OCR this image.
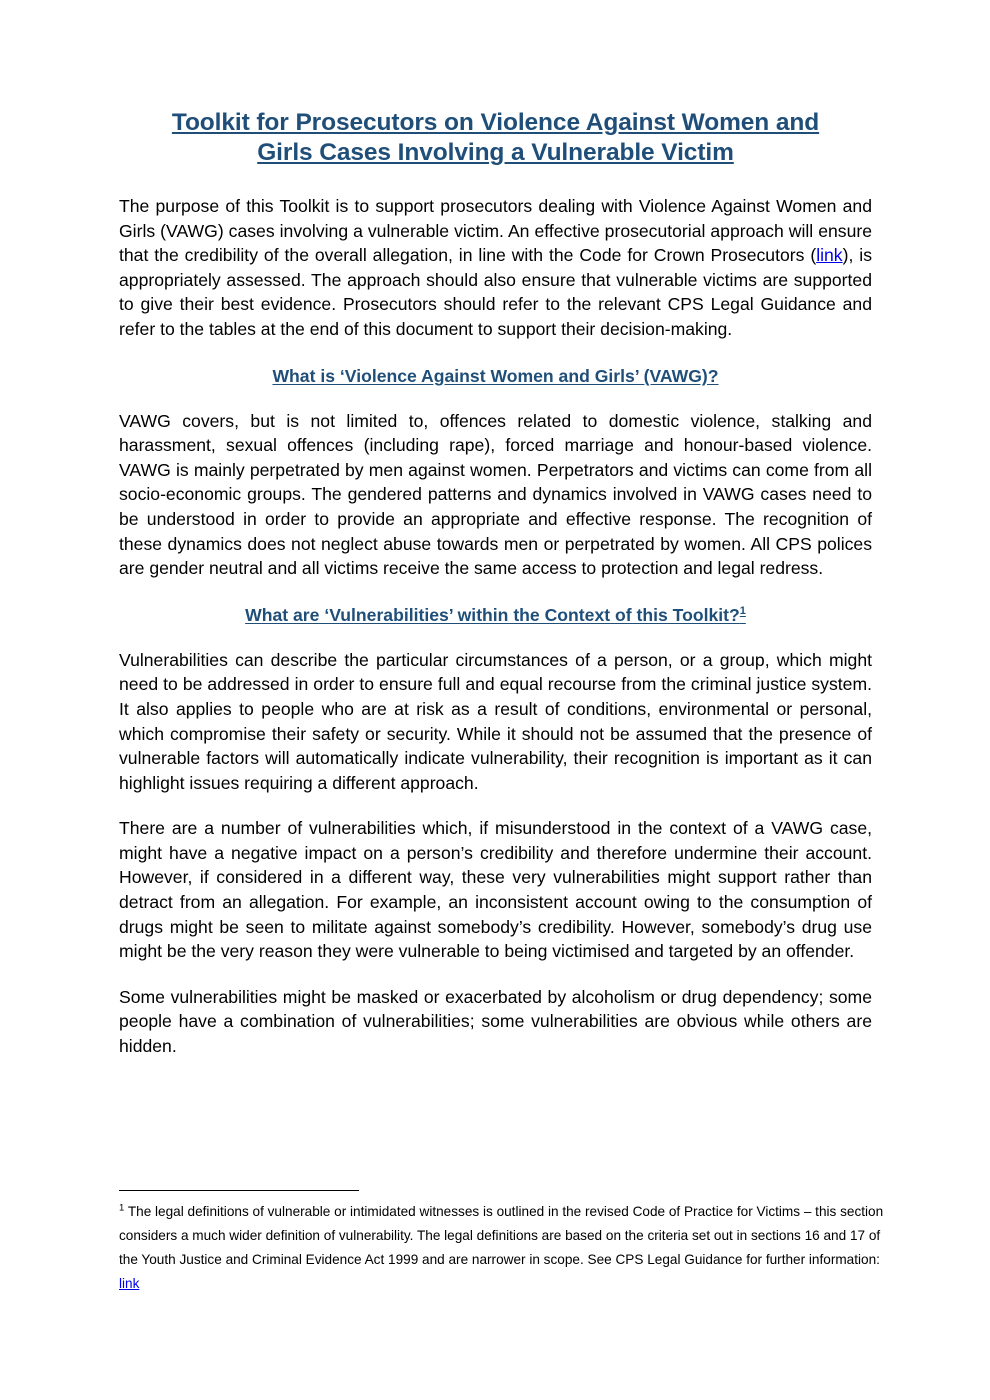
Toolkit for Prosecutors on Violence Against Women and
Girls Cases Involving a Vulnerable Victim

The purpose of this Toolkit is to support prosecutors dealing with Violence Against Women and Girls (VAWG) cases involving a vulnerable victim. An effective prosecutorial approach will ensure that the credibility of the overall allegation, in line with the Code for Crown Prosecutors (link), is appropriately assessed. The approach should also ensure that vulnerable victims are supported to give their best evidence. Prosecutors should refer to the relevant CPS Legal Guidance and refer to the tables at the end of this document to support their decision-making.

What is ‘Violence Against Women and Girls’ (VAWG)?

VAWG covers, but is not limited to, offences related to domestic violence, stalking and harassment, sexual offences (including rape), forced marriage and honour-based violence. VAWG is mainly perpetrated by men against women. Perpetrators and victims can come from all socio-economic groups. The gendered patterns and dynamics involved in VAWG cases need to be understood in order to provide an appropriate and effective response. The recognition of these dynamics does not neglect abuse towards men or perpetrated by women. All CPS polices are gender neutral and all victims receive the same access to protection and legal redress.

What are ‘Vulnerabilities’ within the Context of this Toolkit?$^1$

Vulnerabilities can describe the particular circumstances of a person, or a group, which might need to be addressed in order to ensure full and equal recourse from the criminal justice system. It also applies to people who are at risk as a result of conditions, environmental or personal, which compromise their safety or security. While it should not be assumed that the presence of vulnerable factors will automatically indicate vulnerability, their recognition is important as it can highlight issues requiring a different approach.

There are a number of vulnerabilities which, if misunderstood in the context of a VAWG case, might have a negative impact on a person’s credibility and therefore undermine their account. However, if considered in a different way, these very vulnerabilities might support rather than detract from an allegation. For example, an inconsistent account owing to the consumption of drugs might be seen to militate against somebody’s credibility. However, somebody’s drug use might be the very reason they were vulnerable to being victimised and targeted by an offender.

Some vulnerabilities might be masked or exacerbated by alcoholism or drug dependency; some people have a combination of vulnerabilities; some vulnerabilities are obvious while others are hidden.

$^1$ The legal definitions of vulnerable or intimidated witnesses is outlined in the revised Code of Practice for Victims – this section considers a much wider definition of vulnerability. The legal definitions are based on the criteria set out in sections 16 and 17 of the Youth Justice and Criminal Evidence Act 1999 and are narrower in scope. See CPS Legal Guidance for further information: link
